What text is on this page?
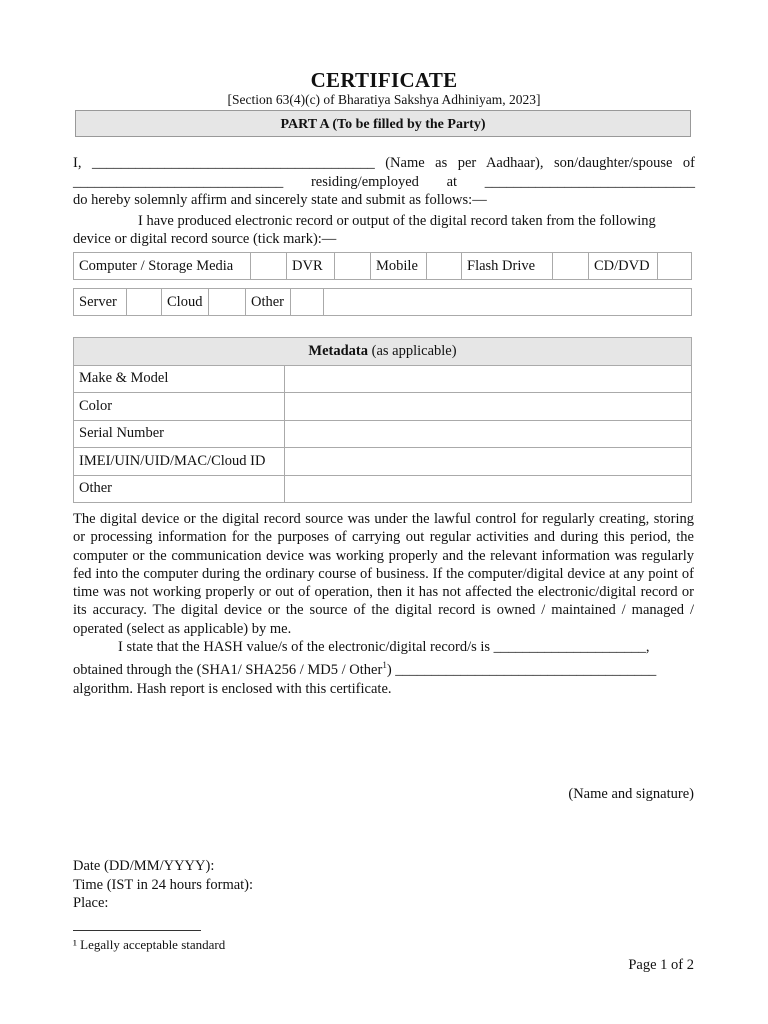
CERTIFICATE
[Section 63(4)(c) of Bharatiya Sakshya Adhiniyam, 2023]
PART A (To be filled by the Party)
I, _______________________________________ (Name as per Aadhaar), son/daughter/spouse of
_____________________________ residing/employed at _____________________________
do hereby solemnly affirm and sincerely state and submit as follows:—
I have produced electronic record or output of the digital record taken from the following
device or digital record source (tick mark):—
Computer / Storage Media		DVR		Mobile		Flash Drive		CD/DVD	
Server		Cloud		Other		
Metadata (as applicable)	
Make & Model	
Color	
Serial Number	
IMEI/UIN/UID/MAC/Cloud ID	
Other	

The digital device or the digital record source was under the lawful control for regularly creating, storing or processing information for the purposes of carrying out regular activities and during this period, the computer or the communication device was working properly and the relevant information was regularly fed into the computer during the ordinary course of business. If the computer/digital device at any point of time was not working properly or out of operation, then it has not affected the electronic/digital record or its accuracy. The digital device or the source of the digital record is owned / maintained / managed / operated (select as applicable) by me.

I state that the HASH value/s of the electronic/digital record/s is _____________________,

obtained through the (SHA1/ SHA256 / MD5 / Other$^1$) ____________________________________

algorithm. Hash report is enclosed with this certificate.

(Name and signature)
Date (DD/MM/YYYY):
Time (IST in 24 hours format):
Place:
¹ Legally acceptable standard
Page 1 of 2
